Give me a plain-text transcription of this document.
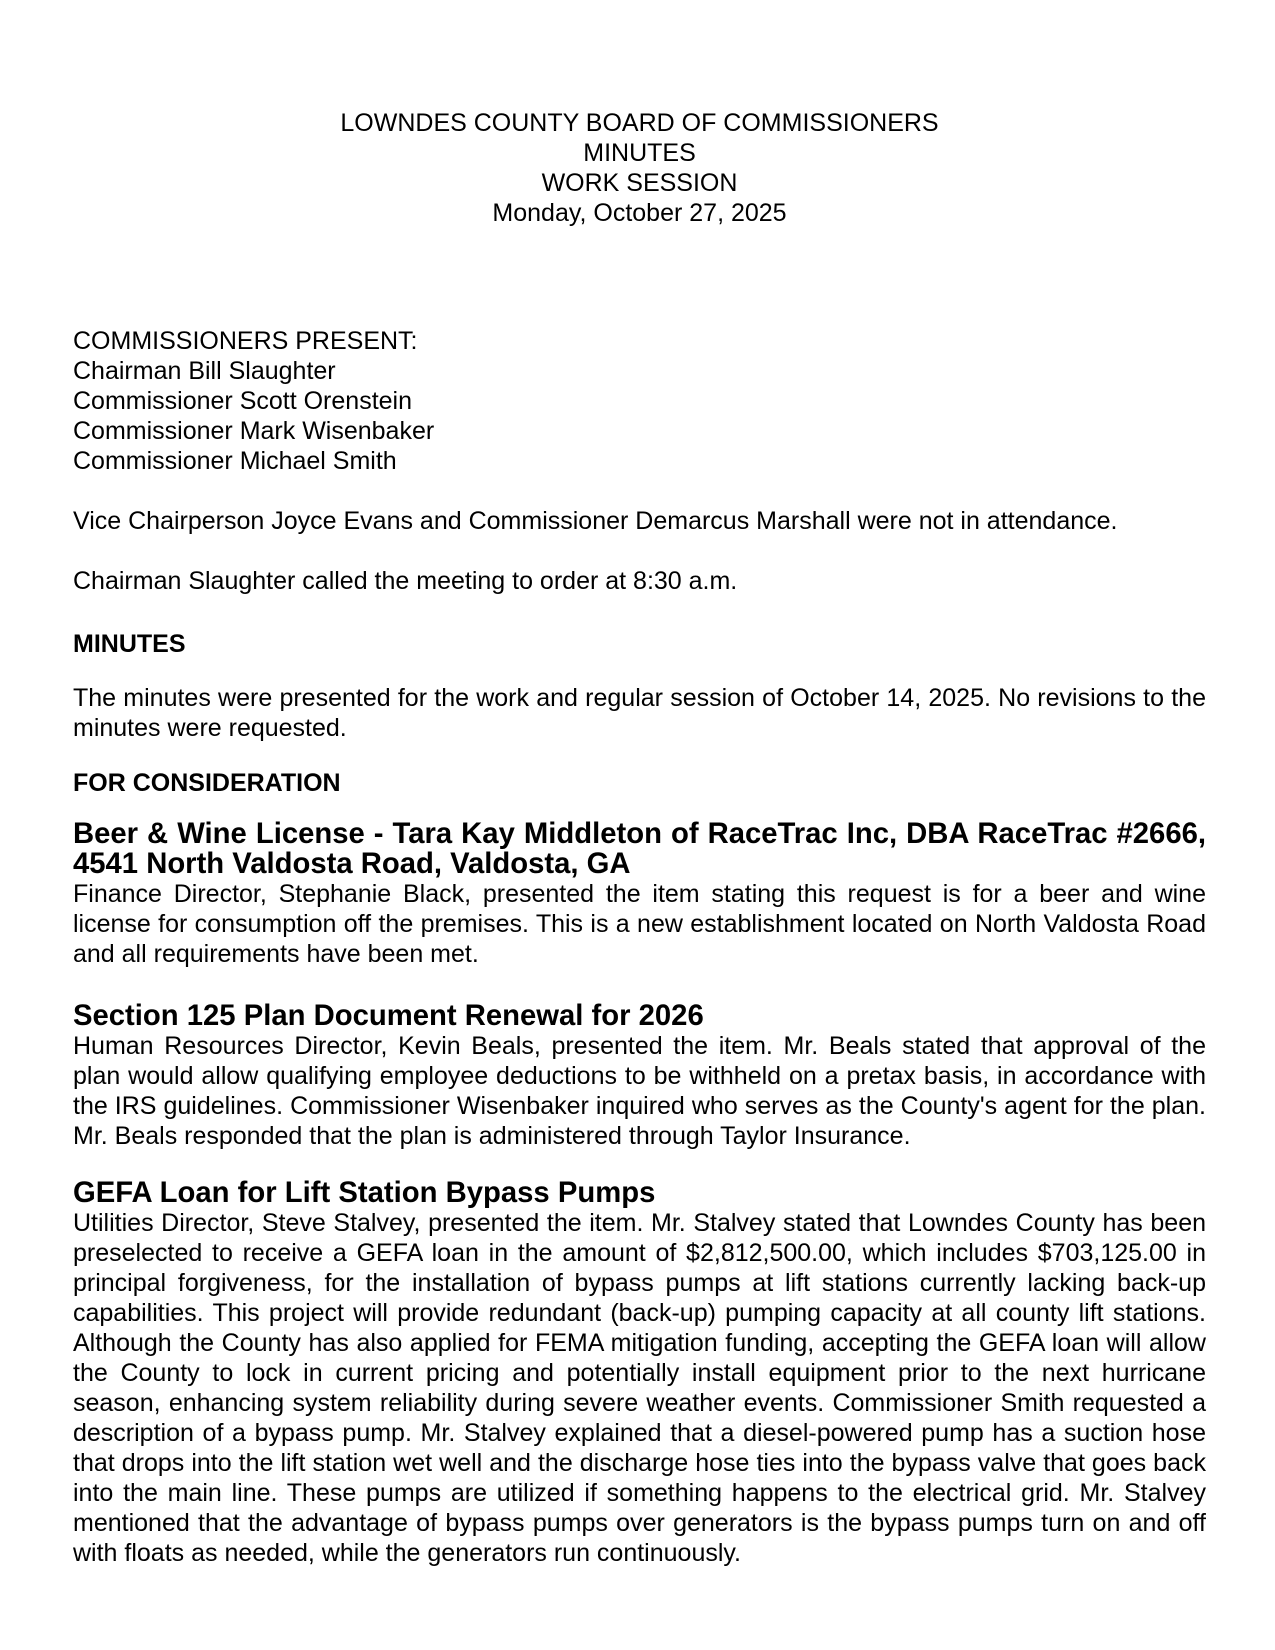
LOWNDES COUNTY BOARD OF COMMISSIONERS

MINUTES

WORK SESSION

Monday, October 27, 2025

COMMISSIONERS PRESENT:

Chairman Bill Slaughter

Commissioner Scott Orenstein

Commissioner Mark Wisenbaker

Commissioner Michael Smith

Vice Chairperson Joyce Evans and Commissioner Demarcus Marshall were not in attendance.

Chairman Slaughter called the meeting to order at 8:30 a.m.

MINUTES

The minutes were presented for the work and regular session of October 14, 2025. No revisions to the minutes were requested.

FOR CONSIDERATION
Beer & Wine License - Tara Kay Middleton of RaceTrac Inc, DBA RaceTrac #2666, 4541 North Valdosta Road, Valdosta, GA

Finance Director, Stephanie Black, presented the item stating this request is for a beer and wine license for consumption off the premises. This is a new establishment located on North Valdosta Road and all requirements have been met.

Section 125 Plan Document Renewal for 2026

Human Resources Director, Kevin Beals, presented the item. Mr. Beals stated that approval of the plan would allow qualifying employee deductions to be withheld on a pretax basis, in accordance with the IRS guidelines. Commissioner Wisenbaker inquired who serves as the County's agent for the plan. Mr. Beals responded that the plan is administered through Taylor Insurance.

GEFA Loan for Lift Station Bypass Pumps

Utilities Director, Steve Stalvey, presented the item. Mr. Stalvey stated that Lowndes County has been preselected to receive a GEFA loan in the amount of $2,812,500.00, which includes $703,125.00 in principal forgiveness, for the installation of bypass pumps at lift stations currently lacking back-up capabilities. This project will provide redundant (back-up) pumping capacity at all county lift stations. Although the County has also applied for FEMA mitigation funding, accepting the GEFA loan will allow the County to lock in current pricing and potentially install equipment prior to the next hurricane season, enhancing system reliability during severe weather events. Commissioner Smith requested a description of a bypass pump. Mr. Stalvey explained that a diesel-powered pump has a suction hose that drops into the lift station wet well and the discharge hose ties into the bypass valve that goes back into the main line. These pumps are utilized if something happens to the electrical grid. Mr. Stalvey mentioned that the advantage of bypass pumps over generators is the bypass pumps turn on and off with floats as needed, while the generators run continuously.
